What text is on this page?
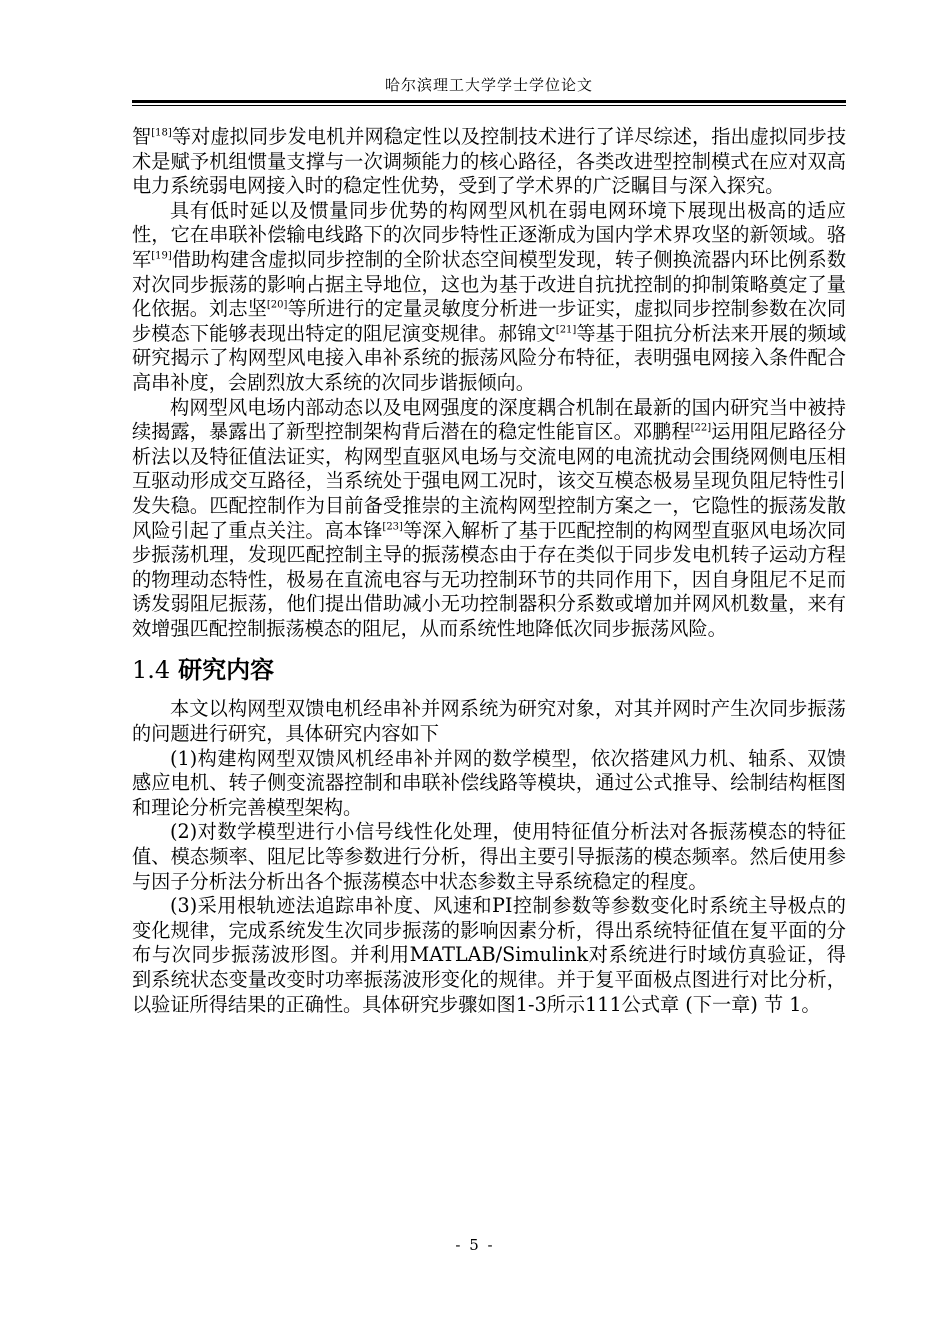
哈尔滨理工大学学士学位论文

智[18]等对虚拟同步发电机并网稳定性以及控制技术进行了详尽综述，指出虚拟同步技术是赋予机组惯量支撑与一次调频能力的核心路径，各类改进型控制模式在应对双高电力系统弱电网接入时的稳定性优势，受到了学术界的广泛瞩目与深入探究。

具有低时延以及惯量同步优势的构网型风机在弱电网环境下展现出极高的适应性，它在串联补偿输电线路下的次同步特性正逐渐成为国内学术界攻坚的新领域。骆军[19]借助构建含虚拟同步控制的全阶状态空间模型发现，转子侧换流器内环比例系数对次同步振荡的影响占据主导地位，这也为基于改进自抗扰控制的抑制策略奠定了量化依据。刘志坚[20]等所进行的定量灵敏度分析进一步证实，虚拟同步控制参数在次同步模态下能够表现出特定的阻尼演变规律。郝锦文[21]等基于阻抗分析法来开展的频域研究揭示了构网型风电接入串补系统的振荡风险分布特征，表明强电网接入条件配合高串补度，会剧烈放大系统的次同步谐振倾向。

构网型风电场内部动态以及电网强度的深度耦合机制在最新的国内研究当中被持续揭露，暴露出了新型控制架构背后潜在的稳定性能盲区。邓鹏程[22]运用阻尼路径分析法以及特征值法证实，构网型直驱风电场与交流电网的电流扰动会围绕网侧电压相互驱动形成交互路径，当系统处于强电网工况时，该交互模态极易呈现负阻尼特性引发失稳。匹配控制作为目前备受推崇的主流构网型控制方案之一，它隐性的振荡发散风险引起了重点关注。高本锋[23]等深入解析了基于匹配控制的构网型直驱风电场次同步振荡机理，发现匹配控制主导的振荡模态由于存在类似于同步发电机转子运动方程的物理动态特性，极易在直流电容与无功控制环节的共同作用下，因自身阻尼不足而诱发弱阻尼振荡，他们提出借助减小无功控制器积分系数或增加并网风机数量，来有效增强匹配控制振荡模态的阻尼，从而系统性地降低次同步振荡风险。

1.4 研究内容

本文以构网型双馈电机经串补并网系统为研究对象，对其并网时产生次同步振荡的问题进行研究，具体研究内容如下

(1)构建构网型双馈风机经串补并网的数学模型，依次搭建风力机、轴系、双馈感应电机、转子侧变流器控制和串联补偿线路等模块，通过公式推导、绘制结构框图和理论分析完善模型架构。

(2)对数学模型进行小信号线性化处理，使用特征值分析法对各振荡模态的特征值、模态频率、阻尼比等参数进行分析，得出主要引导振荡的模态频率。然后使用参与因子分析法分析出各个振荡模态中状态参数主导系统稳定的程度。

(3)采用根轨迹法追踪串补度、风速和PI控制参数等参数变化时系统主导极点的变化规律，完成系统发生次同步振荡的影响因素分析，得出系统特征值在复平面的分布与次同步振荡波形图。并利用MATLAB/Simulink对系统进行时域仿真验证，得到系统状态变量改变时功率振荡波形变化的规律。并于复平面极点图进行对比分析，以验证所得结果的正确性。具体研究步骤如图1-3所示111公式章 (下一章) 节 1。

- 5 -
